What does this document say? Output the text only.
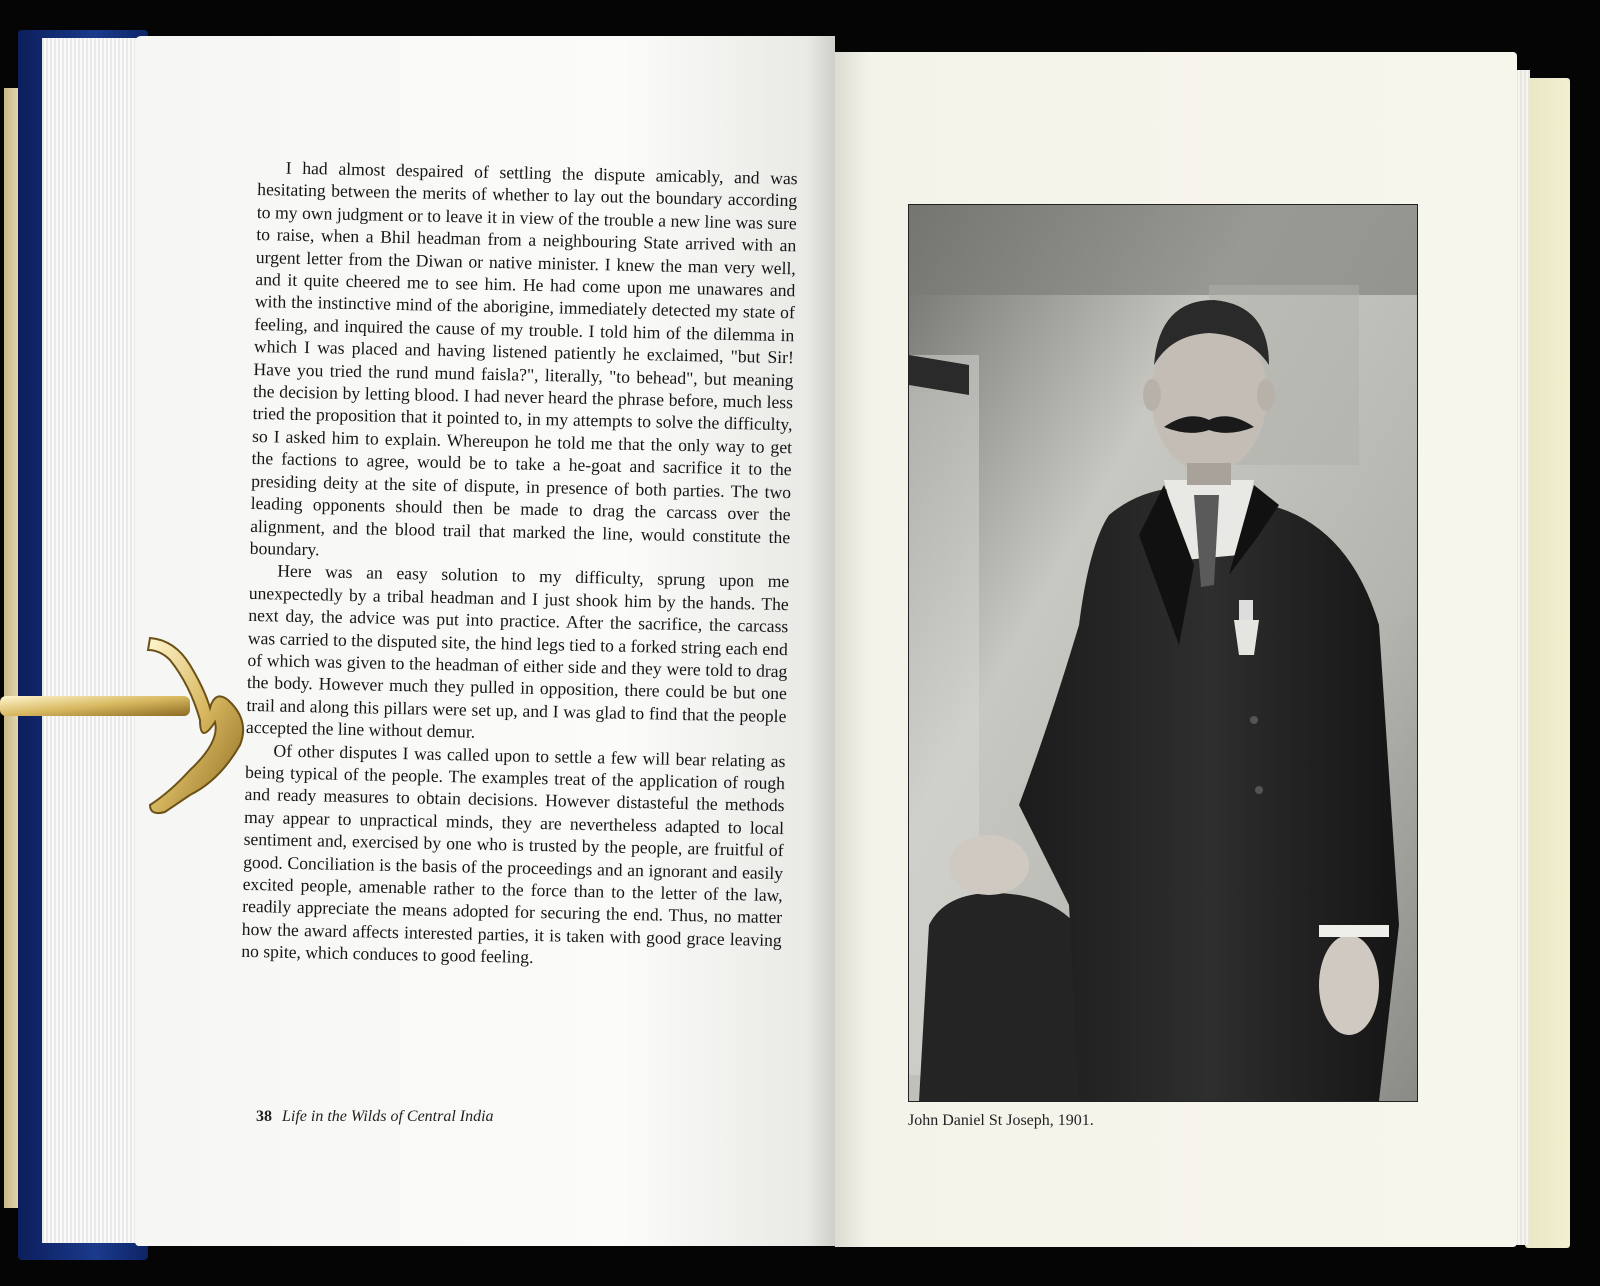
I had almost despaired of settling the dispute amicably, and was hesitating between the merits of whether to lay out the boundary according to my own judgment or to leave it in view of the trouble a new line was sure to raise, when a Bhil headman from a neighbouring State arrived with an urgent letter from the Diwan or native minister. I knew the man very well, and it quite cheered me to see him. He had come upon me unawares and with the instinctive mind of the aborigine, immediately detected my state of feeling, and inquired the cause of my trouble. I told him of the dilemma in which I was placed and having listened patiently he exclaimed, "but Sir! Have you tried the rund mund faisla?", literally, "to behead", but meaning the decision by letting blood. I had never heard the phrase before, much less tried the proposition that it pointed to, in my attempts to solve the difficulty, so I asked him to explain. Whereupon he told me that the only way to get the factions to agree, would be to take a he-goat and sacrifice it to the presiding deity at the site of dispute, in presence of both parties. The two leading opponents should then be made to drag the carcass over the alignment, and the blood trail that marked the line, would constitute the boundary.

Here was an easy solution to my difficulty, sprung upon me unexpectedly by a tribal headman and I just shook him by the hands. The next day, the advice was put into practice. After the sacrifice, the carcass was carried to the disputed site, the hind legs tied to a forked string each end of which was given to the headman of either side and they were told to drag the body. However much they pulled in opposition, there could be but one trail and along this pillars were set up, and I was glad to find that the people accepted the line without demur.

Of other disputes I was called upon to settle a few will bear relating as being typical of the people. The examples treat of the application of rough and ready measures to obtain decisions. However distasteful the methods may appear to unpractical minds, they are nevertheless adapted to local sentiment and, exercised by one who is trusted by the people, are fruitful of good. Conciliation is the basis of the proceedings and an ignorant and easily excited people, amenable rather to the force than to the letter of the law, readily appreciate the means adopted for securing the end. Thus, no matter how the award affects interested parties, it is taken with good grace leaving no spite, which conduces to good feeling.

38 Life in the Wilds of Central India	John Daniel St Joseph, 1901.
